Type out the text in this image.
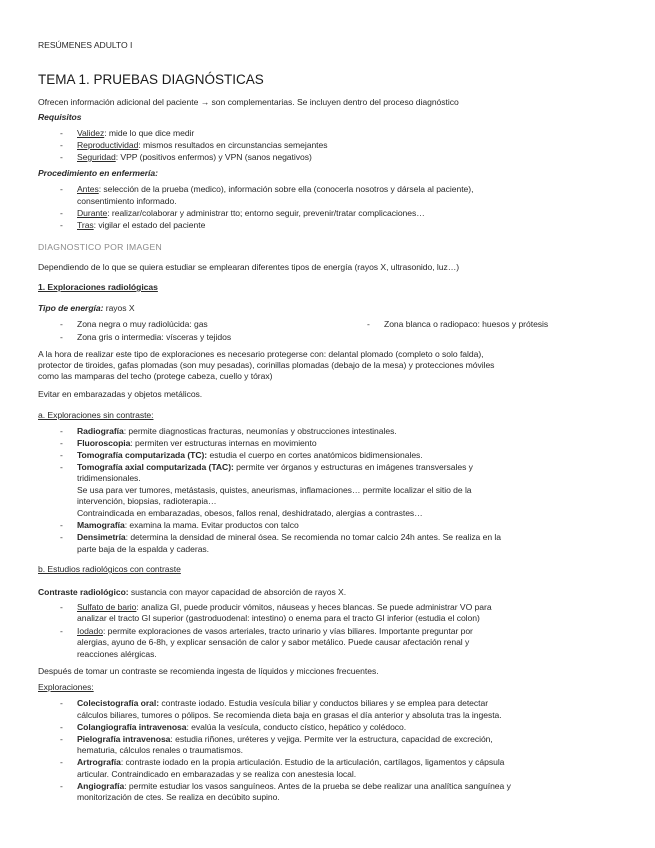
RESÚMENES ADULTO I
TEMA 1. PRUEBAS DIAGNÓSTICAS
Ofrecen información adicional del paciente → son complementarias. Se incluyen dentro del proceso diagnóstico
Requisitos
- Validez: mide lo que dice medir
- Reproductividad: mismos resultados en circunstancias semejantes
- Seguridad: VPP (positivos enfermos) y VPN (sanos negativos)
Procedimiento en enfermería:
- Antes: selección de la prueba (medico), información sobre ella (conocerla nosotros y dársela al paciente),
consentimiento informado.
- Durante: realizar/colaborar y administrar tto; entorno seguir, prevenir/tratar complicaciones…
- Tras: vigilar el estado del paciente
DIAGNOSTICO POR IMAGEN
Dependiendo de lo que se quiera estudiar se emplearan diferentes tipos de energía (rayos X, ultrasonido, luz…)
1. Exploraciones radiológicas
Tipo de energía: rayos X
- Zona negra o muy radiolúcida: gas	- Zona blanca o radiopaco: huesos y prótesis
- Zona gris o intermedia: vísceras y tejidos
A la hora de realizar este tipo de exploraciones es necesario protegerse con: delantal plomado (completo o solo falda),
protector de tiroides, gafas plomadas (son muy pesadas), corinillas plomadas (debajo de la mesa) y protecciones móviles
como las mamparas del techo (protege cabeza, cuello y tórax)
Evitar en embarazadas y objetos metálicos.
a. Exploraciones sin contraste:
- Radiografía: permite diagnosticas fracturas, neumonías y obstrucciones intestinales.
- Fluoroscopia: permiten ver estructuras internas en movimiento
- Tomografía computarizada (TC): estudia el cuerpo en cortes anatómicos bidimensionales.
- Tomografía axial computarizada (TAC): permite ver órganos y estructuras en imágenes transversales y
tridimensionales.
Se usa para ver tumores, metástasis, quistes, aneurismas, inflamaciones… permite localizar el sitio de la
intervención, biopsias, radioterapia…
Contraindicada en embarazadas, obesos, fallos renal, deshidratado, alergias a contrastes…
- Mamografía: examina la mama. Evitar productos con talco
- Densimetría: determina la densidad de mineral ósea. Se recomienda no tomar calcio 24h antes. Se realiza en la
parte baja de la espalda y caderas.
b. Estudios radiológicos con contraste
Contraste radiológico: sustancia con mayor capacidad de absorción de rayos X.
- Sulfato de bario: analiza GI, puede producir vómitos, náuseas y heces blancas. Se puede administrar VO para
analizar el tracto GI superior (gastroduodenal: intestino) o enema para el tracto GI inferior (estudia el colon)
- Iodado: permite exploraciones de vasos arteriales, tracto urinario y vías biliares. Importante preguntar por
alergias, ayuno de 6-8h, y explicar sensación de calor y sabor metálico. Puede causar afectación renal y
reacciones alérgicas.
Después de tomar un contraste se recomienda ingesta de líquidos y micciones frecuentes.
Exploraciones:
- Colecistografía oral: contraste iodado. Estudia vesícula biliar y conductos biliares y se emplea para detectar
cálculos biliares, tumores o pólipos. Se recomienda dieta baja en grasas el día anterior y absoluta tras la ingesta.
- Colangiografía intravenosa: evalúa la vesícula, conducto cístico, hepático y colédoco.
- Pielografía intravenosa: estudia riñones, uréteres y vejiga. Permite ver la estructura, capacidad de excreción,
hematuria, cálculos renales o traumatismos.
- Artrografía: contraste iodado en la propia articulación. Estudio de la articulación, cartílagos, ligamentos y cápsula
articular. Contraindicado en embarazadas y se realiza con anestesia local.
- Angiografía: permite estudiar los vasos sanguíneos. Antes de la prueba se debe realizar una analítica sanguínea y
monitorización de ctes. Se realiza en decúbito supino.
